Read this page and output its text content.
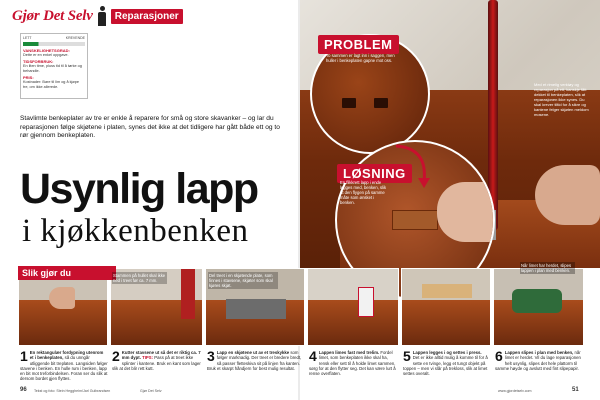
Gjør Det Selv	Reparasjoner
LETT	KREVENDE
VANSKELIGHETSGRAD:
Dette er en enkel oppgave.
TIDSFORBRUK:
En liten time, pluss tid til å tørke og behandle.
PRIS:
Kostnader: Bare til lim og å kjøpe tre, om ikke allerede.
PROBLEM
To sammen er lagt inn i saggen, men huller i benkeplaten gapne mot oss.
LØSNING
En flikkrett lapp i ende legges med, benken, slik at den flygen på samme måte som ønsket i benken.
Med et rimelig verktøy og reparasjon på ett, kanskje fått dekket til benkeplaten, slik at reparasjonen ikke synes. Du skal krever tiltid for å sikre og kantene felger skjøten meldom mosene.
Stavlimte benkeplater av tre er enkle å reparere for små og store skavanker – og lar du reparasjonen følge skjøtene i platen, synes det ikke at det tidligere har gått både ett og to rør gjennom benkeplaten.
Usynlig lapp
i kjøkkenbenken
Slik gjør du	Stammen på hullet skal ikke ned i treet før ca. 7 mm.
Del treet i en skjøtende plate, som finnes i stavsene, skjøter som skal kjøres skjøt.
Når limet har herdet, slipes lappen i plan med benken.
1 En rektangulær fordypning utenrom et i benkeplaten, så du unngår utliggende bit treplaten. Langsiden følger stavene i benken. En hulle rum i benken, lapp en bit mot treforbindelsen. Foran ser du slik at dersom bordet gjen flyttes.
2 Kutter stavsene ut så det er riktig ca. 7 mm dypt. TIPS: Pass på at treet ikke splinter i kantene. Bruk en kant som lager slik at det blir rett kutt.
3 Lapp en skjøtene ut av et treskykke som følger marknadig. Der treet er bredere bredt, så passer fletteskiva sit på linjen fra kanten. Bruk et skarpt håndjern for best mulig resultat.
4 Lappen limes fast med trelim. Fordel limet, som benkeplaten ikke skal ha, rensk eller sett til å holde limet sammen, sørg for at den flytter seg. Det kan være lurt å rense overflaten.
5 Lappen legges i og settes i press. Det er ikke alltid mulig å komme til for å sette en tvinge, legg et tungt objekt på toppen – men vi slår på trekloss, slik at limet settes overalt.
6 Lappen slipes i plan med benken, når limet er herdet. Vil du lage reparasjonen helt usynlig, slipes det hele plattorm til samme høyde og avslutt med fint slipepapir.
96 Tekst og foto: Stein Heggheim/Jarl Gulbrandsen	Gjør Det Selv	www.gjordetselv.com	51
